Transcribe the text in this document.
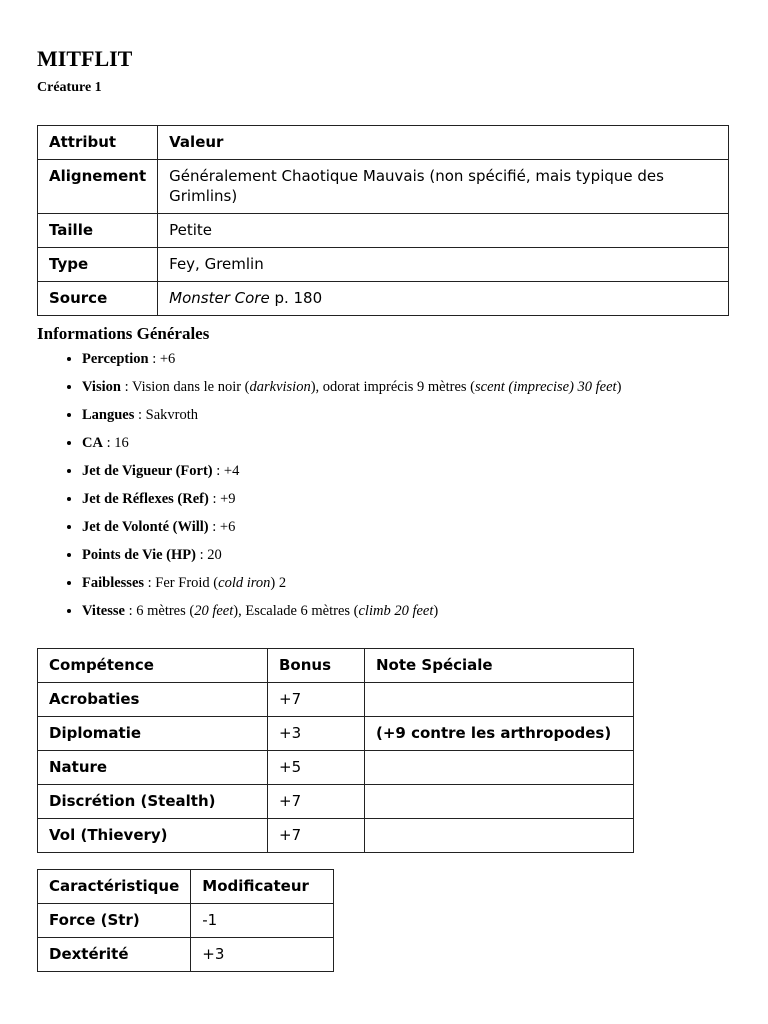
MITFLIT
Créature 1
Attribut	Valeur
Alignement	Généralement Chaotique Mauvais (non spécifié, mais typique des Grimlins)
Taille	Petite
Type	Fey, Gremlin
Source	Monster Core p. 180
Informations Générales
• Perception : +6
• Vision : Vision dans le noir (darkvision), odorat imprécis 9 mètres (scent (imprecise) 30 feet)
• Langues : Sakvroth
• CA : 16
• Jet de Vigueur (Fort) : +4
• Jet de Réflexes (Ref) : +9
• Jet de Volonté (Will) : +6
• Points de Vie (HP) : 20
• Faiblesses : Fer Froid (cold iron) 2
• Vitesse : 6 mètres (20 feet), Escalade 6 mètres (climb 20 feet)
Compétence	Bonus	Note Spéciale
Acrobaties	+7	
Diplomatie	+3	(+9 contre les arthropodes)
Nature	+5	
Discrétion (Stealth)	+7	
Vol (Thievery)	+7	
Caractéristique	Modificateur
Force (Str)	-1
Dextérité	+3
